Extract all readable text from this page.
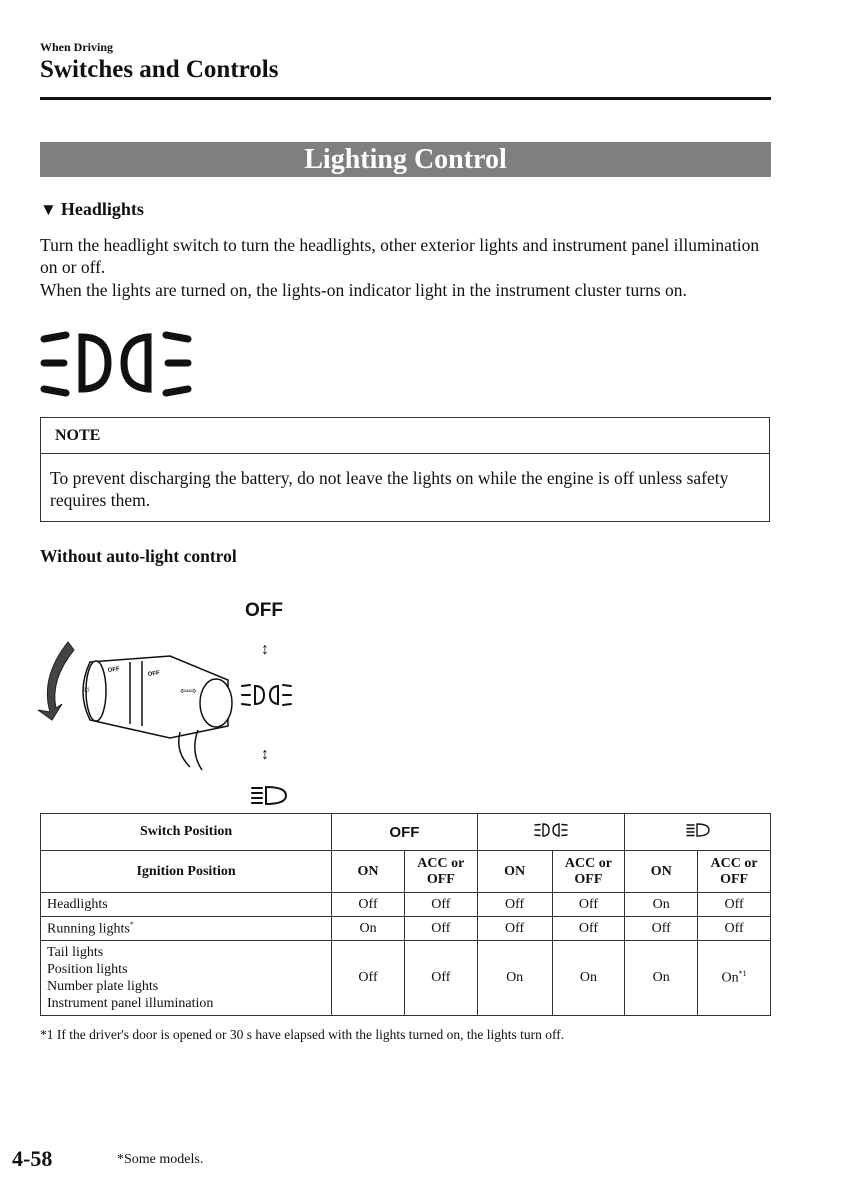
When Driving
Switches and Controls
Lighting Control
▼ Headlights
Turn the headlight switch to turn the headlights, other exterior lights and instrument panel illumination on or off.
When the lights are turned on, the lights-on indicator light in the instrument cluster turns on.
NOTE
To prevent discharging the battery, do not leave the lights on while the engine is off unless safety requires them.
Without auto-light control
OFF
OFF
☼	⇦⇨
OFF
↕
↕
Switch Position	OFF		
Ignition Position	ON	ACC or OFF	ON	ACC or OFF	ON	ACC or OFF
Headlights	Off	Off	Off	Off	On	Off
Running lights*	On	Off	Off	Off	Off	Off

Tail lights
Position lights
Number plate lights
Instrument panel illumination	Off	Off	On	On	On	On$^{*1}$
*1 If the driver's door is opened or 30 s have elapsed with the lights turned on, the lights turn off.
4-58	*Some models.
